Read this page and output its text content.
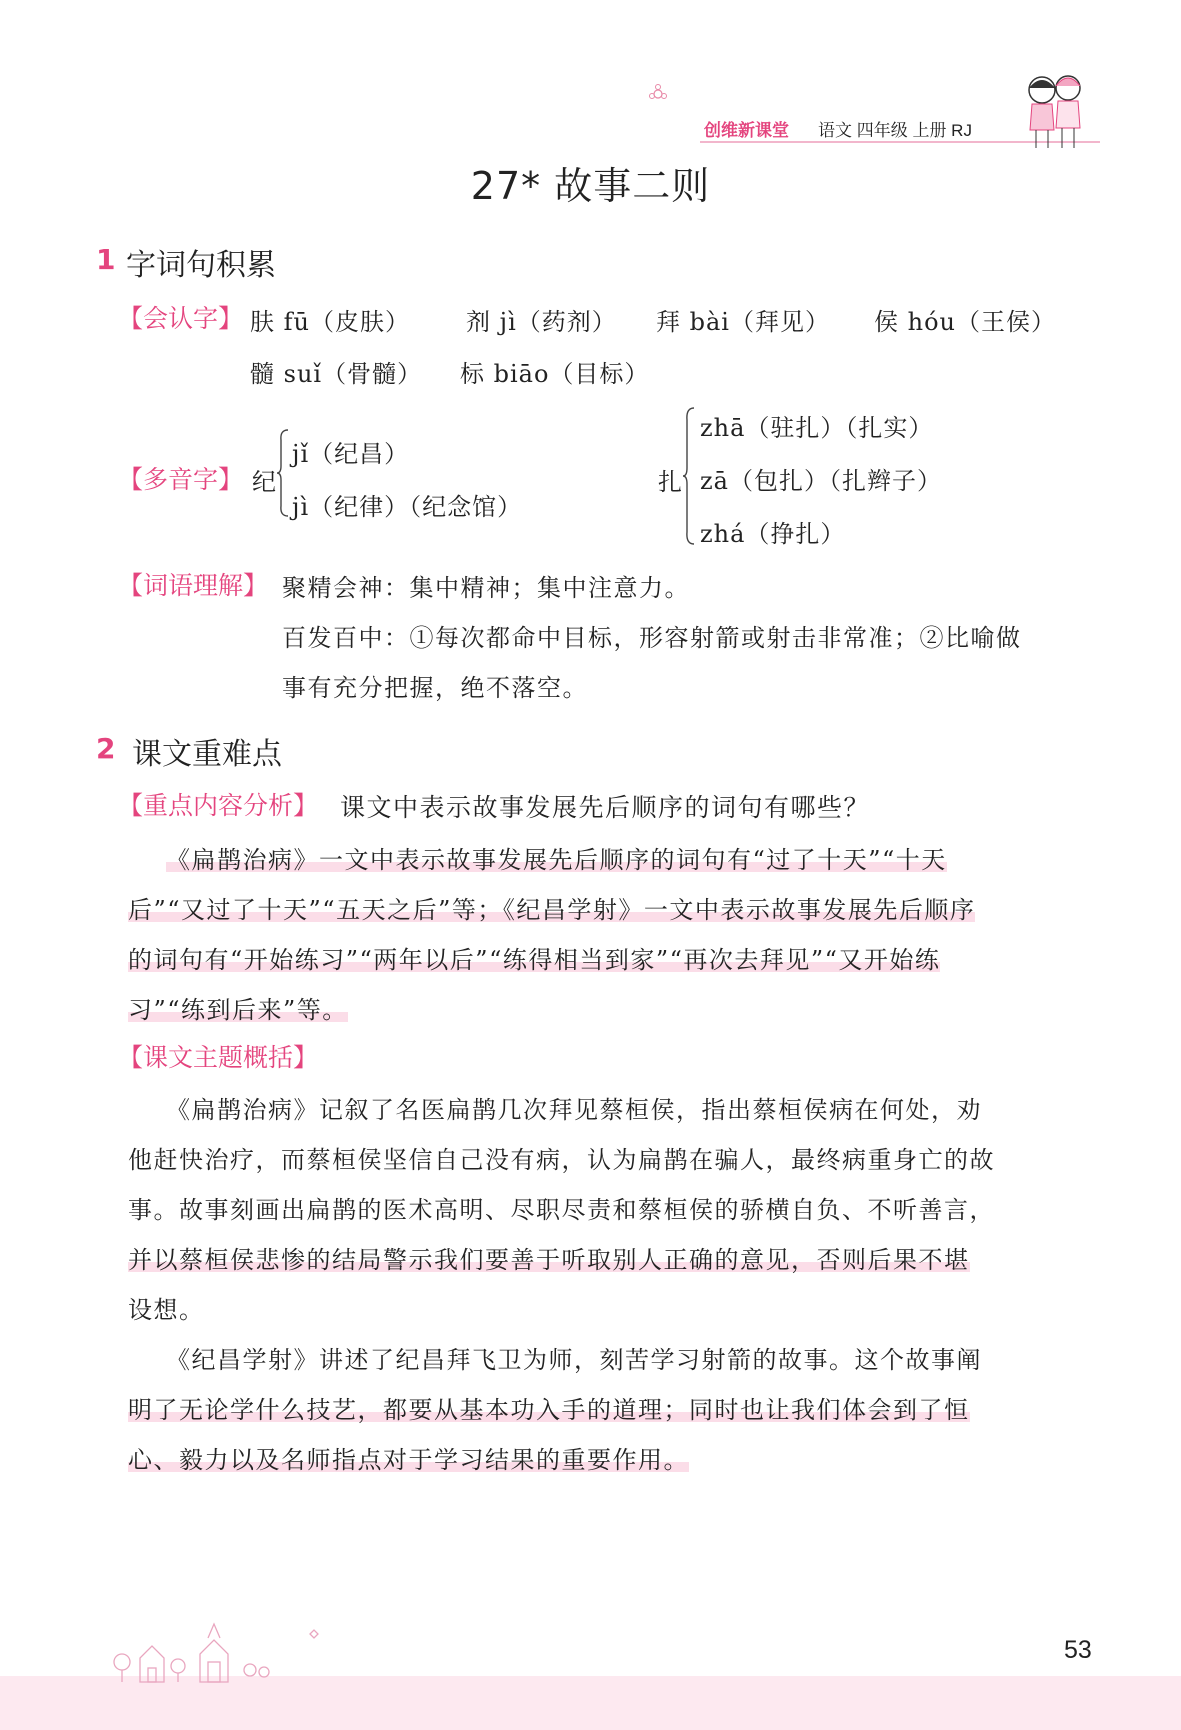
创维新课堂 语文 四年级 上册 RJ
27* 故事二则
1 字词句积累
【会认字】 肤 fū（皮肤） 剂 jì（药剂） 拜 bài（拜见） 侯 hóu（王侯）
髓 suǐ（骨髓） 标 biāo（目标）
【多音字】 纪
jǐ（纪昌）
jì（纪律）（纪念馆）
扎
zhā（驻扎）（扎实）
zā（包扎）（扎辫子）
zhá（挣扎）
【词语理解】 聚精会神：集中精神；集中注意力。
百发百中：①每次都命中目标，形容射箭或射击非常准；②比喻做
事有充分把握，绝不落空。
2 课文重难点
【重点内容分析】 课文中表示故事发展先后顺序的词句有哪些？
《扁鹊治病》一文中表示故事发展先后顺序的词句有“过了十天”“十天
后”“又过了十天”“五天之后”等；《纪昌学射》一文中表示故事发展先后顺序
的词句有“开始练习”“两年以后”“练得相当到家”“再次去拜见”“又开始练
习”“练到后来”等。
【课文主题概括】
《扁鹊治病》记叙了名医扁鹊几次拜见蔡桓侯，指出蔡桓侯病在何处，劝
他赶快治疗，而蔡桓侯坚信自己没有病，认为扁鹊在骗人，最终病重身亡的故
事。故事刻画出扁鹊的医术高明、尽职尽责和蔡桓侯的骄横自负、不听善言，
并以蔡桓侯悲惨的结局警示我们要善于听取别人正确的意见，否则后果不堪
设想。
《纪昌学射》讲述了纪昌拜飞卫为师，刻苦学习射箭的故事。这个故事阐
明了无论学什么技艺，都要从基本功入手的道理；同时也让我们体会到了恒
心、毅力以及名师指点对于学习结果的重要作用。
53
